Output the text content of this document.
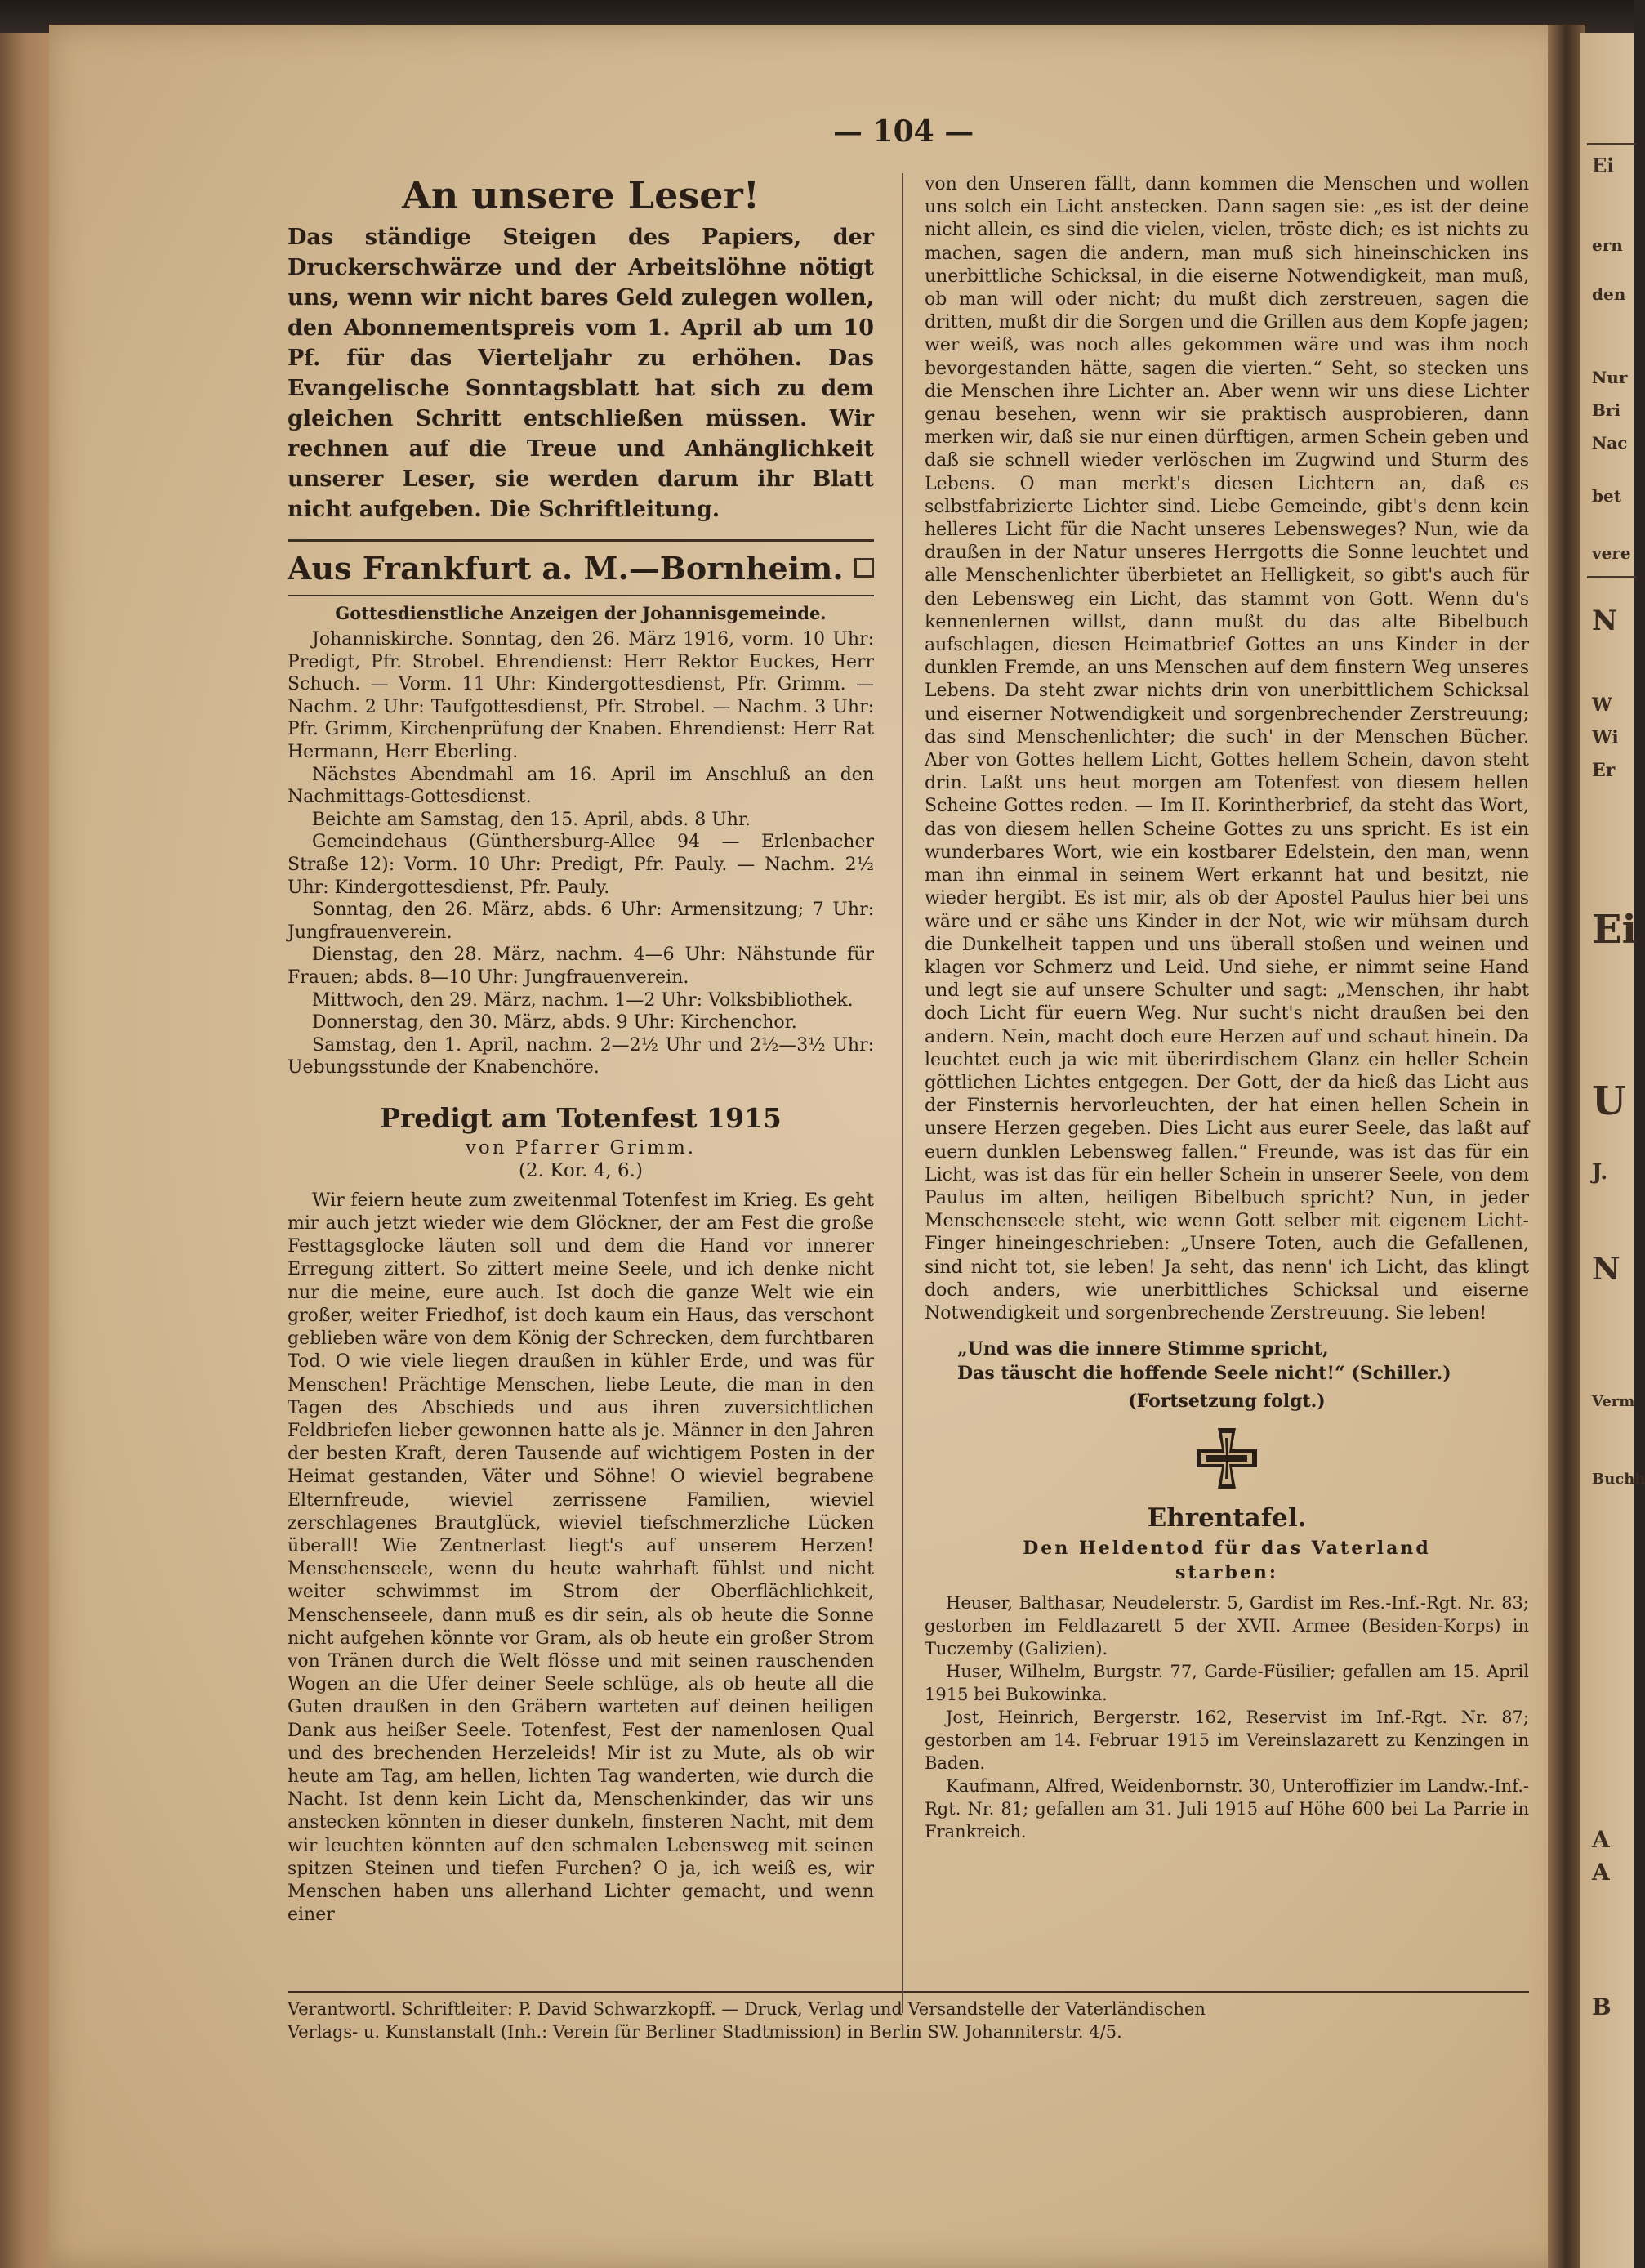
Ei
ern
den
Nur
Bri
Nac
bet
vere
N
W
Wi
Er
Ei
U
J.
N
Verm
Buchh
A
A
B
— 104 —
An unsere Leser!

Das ständige Steigen des Papiers, der Druckerschwärze und der Arbeitslöhne nötigt uns, wenn wir nicht bares Geld zulegen wollen, den Abonnementspreis vom 1. April ab um 10 Pf. für das Vierteljahr zu erhöhen. Das Evangelische Sonntagsblatt hat sich zu dem gleichen Schritt entschließen müssen. Wir rechnen auf die Treue und Anhänglichkeit unserer Leser, sie werden darum ihr Blatt nicht aufgeben. Die Schriftleitung.

Aus Frankfurt a. M.—Bornheim.
Gottesdienstliche Anzeigen der Johannisgemeinde.

Johanniskirche. Sonntag, den 26. März 1916, vorm. 10 Uhr: Predigt, Pfr. Strobel. Ehrendienst: Herr Rektor Euckes, Herr Schuch. — Vorm. 11 Uhr: Kindergottesdienst, Pfr. Grimm. — Nachm. 2 Uhr: Taufgottesdienst, Pfr. Strobel. — Nachm. 3 Uhr: Pfr. Grimm, Kirchenprüfung der Knaben. Ehrendienst: Herr Rat Hermann, Herr Eberling.

Nächstes Abendmahl am 16. April im Anschluß an den Nachmittags-Gottesdienst.

Beichte am Samstag, den 15. April, abds. 8 Uhr.

Gemeindehaus (Günthersburg-Allee 94 — Erlenbacher Straße 12): Vorm. 10 Uhr: Predigt, Pfr. Pauly. — Nachm. 2½ Uhr: Kindergottesdienst, Pfr. Pauly.

Sonntag, den 26. März, abds. 6 Uhr: Armensitzung; 7 Uhr: Jungfrauenverein.

Dienstag, den 28. März, nachm. 4—6 Uhr: Nähstunde für Frauen; abds. 8—10 Uhr: Jungfrauenverein.

Mittwoch, den 29. März, nachm. 1—2 Uhr: Volksbibliothek.

Donnerstag, den 30. März, abds. 9 Uhr: Kirchenchor.

Samstag, den 1. April, nachm. 2—2½ Uhr und 2½—3½ Uhr: Uebungsstunde der Knabenchöre.

Predigt am Totenfest 1915
von Pfarrer Grimm.
(2. Kor. 4, 6.)

Wir feiern heute zum zweitenmal Totenfest im Krieg. Es geht mir auch jetzt wieder wie dem Glöckner, der am Fest die große Festtagsglocke läuten soll und dem die Hand vor innerer Erregung zittert. So zittert meine Seele, und ich denke nicht nur die meine, eure auch. Ist doch die ganze Welt wie ein großer, weiter Friedhof, ist doch kaum ein Haus, das verschont geblieben wäre von dem König der Schrecken, dem furchtbaren Tod. O wie viele liegen draußen in kühler Erde, und was für Menschen! Prächtige Menschen, liebe Leute, die man in den Tagen des Abschieds und aus ihren zuversichtlichen Feldbriefen lieber gewonnen hatte als je. Männer in den Jahren der besten Kraft, deren Tausende auf wichtigem Posten in der Heimat gestanden, Väter und Söhne! O wieviel begrabene Elternfreude, wieviel zerrissene Familien, wieviel zerschlagenes Brautglück, wieviel tiefschmerzliche Lücken überall! Wie Zentnerlast liegt's auf unserem Herzen! Menschenseele, wenn du heute wahrhaft fühlst und nicht weiter schwimmst im Strom der Oberflächlichkeit, Menschenseele, dann muß es dir sein, als ob heute die Sonne nicht aufgehen könnte vor Gram, als ob heute ein großer Strom von Tränen durch die Welt flösse und mit seinen rauschenden Wogen an die Ufer deiner Seele schlüge, als ob heute all die Guten draußen in den Gräbern warteten auf deinen heiligen Dank aus heißer Seele. Totenfest, Fest der namenlosen Qual und des brechenden Herzeleids! Mir ist zu Mute, als ob wir heute am Tag, am hellen, lichten Tag wanderten, wie durch die Nacht. Ist denn kein Licht da, Menschenkinder, das wir uns anstecken könnten in dieser dunkeln, finsteren Nacht, mit dem wir leuchten könnten auf den schmalen Lebensweg mit seinen spitzen Steinen und tiefen Furchen? O ja, ich weiß es, wir Menschen haben uns allerhand Lichter gemacht, und wenn einer

von den Unseren fällt, dann kommen die Menschen und wollen uns solch ein Licht anstecken. Dann sagen sie: „es ist der deine nicht allein, es sind die vielen, vielen, tröste dich; es ist nichts zu machen, sagen die andern, man muß sich hineinschicken ins unerbittliche Schicksal, in die eiserne Notwendigkeit, man muß, ob man will oder nicht; du mußt dich zerstreuen, sagen die dritten, mußt dir die Sorgen und die Grillen aus dem Kopfe jagen; wer weiß, was noch alles gekommen wäre und was ihm noch bevorgestanden hätte, sagen die vierten.“ Seht, so stecken uns die Menschen ihre Lichter an. Aber wenn wir uns diese Lichter genau besehen, wenn wir sie praktisch ausprobieren, dann merken wir, daß sie nur einen dürftigen, armen Schein geben und daß sie schnell wieder verlöschen im Zugwind und Sturm des Lebens. O man merkt's diesen Lichtern an, daß es selbstfabrizierte Lichter sind. Liebe Gemeinde, gibt's denn kein helleres Licht für die Nacht unseres Lebensweges? Nun, wie da draußen in der Natur unseres Herrgotts die Sonne leuchtet und alle Menschenlichter überbietet an Helligkeit, so gibt's auch für den Lebensweg ein Licht, das stammt von Gott. Wenn du's kennenlernen willst, dann mußt du das alte Bibelbuch aufschlagen, diesen Heimatbrief Gottes an uns Kinder in der dunklen Fremde, an uns Menschen auf dem finstern Weg unseres Lebens. Da steht zwar nichts drin von unerbittlichem Schicksal und eiserner Notwendigkeit und sorgenbrechender Zerstreuung; das sind Menschenlichter; die such' in der Menschen Bücher. Aber von Gottes hellem Licht, Gottes hellem Schein, davon steht drin. Laßt uns heut morgen am Totenfest von diesem hellen Scheine Gottes reden. — Im II. Korintherbrief, da steht das Wort, das von diesem hellen Scheine Gottes zu uns spricht. Es ist ein wunderbares Wort, wie ein kostbarer Edelstein, den man, wenn man ihn einmal in seinem Wert erkannt hat und besitzt, nie wieder hergibt. Es ist mir, als ob der Apostel Paulus hier bei uns wäre und er sähe uns Kinder in der Not, wie wir mühsam durch die Dunkelheit tappen und uns überall stoßen und weinen und klagen vor Schmerz und Leid. Und siehe, er nimmt seine Hand und legt sie auf unsere Schulter und sagt: „Menschen, ihr habt doch Licht für euern Weg. Nur sucht's nicht draußen bei den andern. Nein, macht doch eure Herzen auf und schaut hinein. Da leuchtet euch ja wie mit überirdischem Glanz ein heller Schein göttlichen Lichtes entgegen. Der Gott, der da hieß das Licht aus der Finsternis hervorleuchten, der hat einen hellen Schein in unsere Herzen gegeben. Dies Licht aus eurer Seele, das laßt auf euern dunklen Lebensweg fallen.“ Freunde, was ist das für ein Licht, was ist das für ein heller Schein in unserer Seele, von dem Paulus im alten, heiligen Bibelbuch spricht? Nun, in jeder Menschenseele steht, wie wenn Gott selber mit eigenem Licht-Finger hineingeschrieben: „Unsere Toten, auch die Gefallenen, sind nicht tot, sie leben! Ja seht, das nenn' ich Licht, das klingt doch anders, wie unerbittliches Schicksal und eiserne Notwendigkeit und sorgenbrechende Zerstreuung. Sie leben!

„Und was die innere Stimme spricht,
Das täuscht die hoffende Seele nicht!“ (Schiller.)
(Fortsetzung folgt.)
Ehrentafel.
Den Heldentod für das Vaterland
starben:

Heuser, Balthasar, Neudelerstr. 5, Gardist im Res.-Inf.-Rgt. Nr. 83; gestorben im Feldlazarett 5 der XVII. Armee (Besiden-Korps) in Tuczemby (Galizien).

Huser, Wilhelm, Burgstr. 77, Garde-Füsilier; gefallen am 15. April 1915 bei Bukowinka.

Jost, Heinrich, Bergerstr. 162, Reservist im Inf.-Rgt. Nr. 87; gestorben am 14. Februar 1915 im Vereinslazarett zu Kenzingen in Baden.

Kaufmann, Alfred, Weidenbornstr. 30, Unteroffizier im Landw.-Inf.-Rgt. Nr. 81; gefallen am 31. Juli 1915 auf Höhe 600 bei La Parrie in Frankreich.

Verantwortl. Schriftleiter: P. David Schwarzkopff. — Druck, Verlag und Versandstelle der Vaterländischen

Verlags- u. Kunstanstalt (Inh.: Verein für Berliner Stadtmission) in Berlin SW. Johanniterstr. 4/5.
